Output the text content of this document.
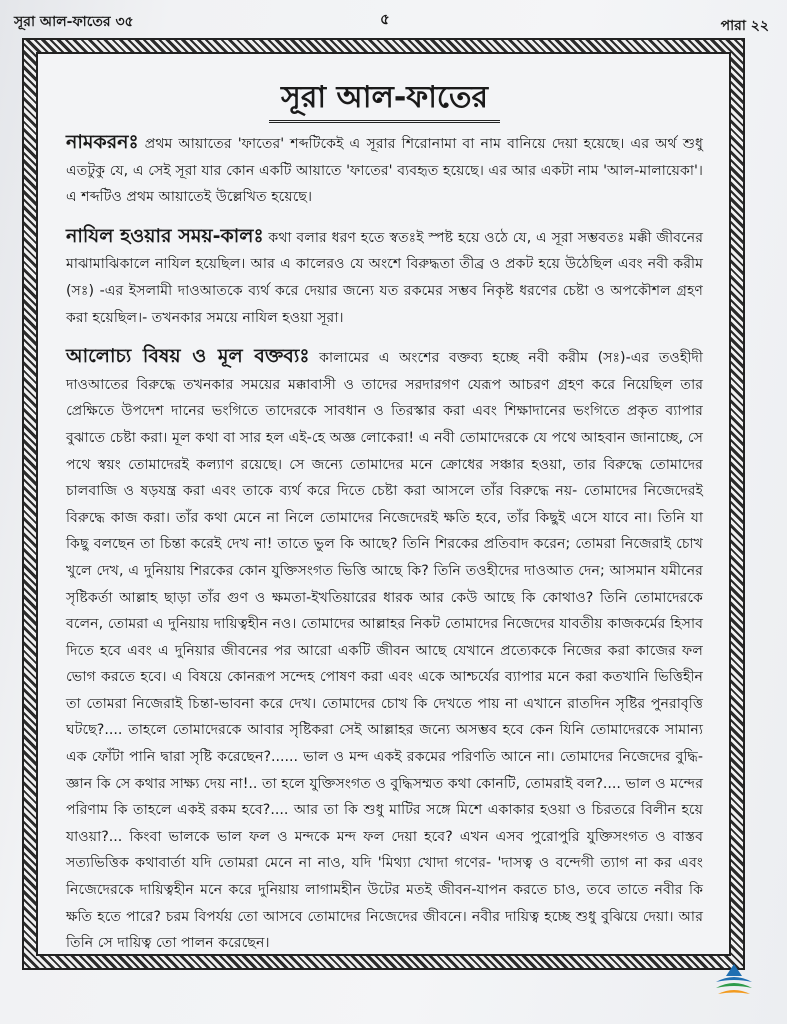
সূরা আল-ফাতের ৩৫	৫	পারা ২২
সূরা আল-ফাতের

নামকরনঃ প্রথম আয়াতের 'ফাতের' শব্দটিকেই এ সূরার শিরোনামা বা নাম বানিয়ে দেয়া হয়েছে। এর অর্থ শুধু এতটুকু যে, এ সেই সূরা যার কোন একটি আয়াতে 'ফাতের' ব্যবহৃত হয়েছে। এর আর একটা নাম 'আল-মালায়েকা'। এ শব্দটিও প্রথম আয়াতেই উল্লেখিত হয়েছে।

নাযিল হওয়ার সময়-কালঃ কথা বলার ধরণ হতে স্বতঃই স্পষ্ট হয়ে ওঠে যে, এ সূরা সম্ভবতঃ মক্কী জীবনের মাঝামাঝিকালে নাযিল হয়েছিল। আর এ কালেরও যে অংশে বিরুদ্ধতা তীব্র ও প্রকট হয়ে উঠেছিল এবং নবী করীম (সঃ) -এর ইসলামী দাওআতকে ব্যর্থ করে দেয়ার জন্যে যত রকমের সম্ভব নিকৃষ্ট ধরণের চেষ্টা ও অপকৌশল গ্রহণ করা হয়েছিল।- তখনকার সময়ে নাযিল হওয়া সূরা।

আলোচ্য বিষয় ও মূল বক্তব্যঃ কালামের এ অংশের বক্তব্য হচ্ছে নবী করীম (সঃ)-এর তওহীদী দাওআতের বিরুদ্ধে তখনকার সময়ের মক্কাবাসী ও তাদের সরদারগণ যেরূপ আচরণ গ্রহণ করে নিয়েছিল তার প্রেক্ষিতে উপদেশ দানের ভংগিতে তাদেরকে সাবধান ও তিরস্কার করা এবং শিক্ষাদানের ভংগিতে প্রকৃত ব্যাপার বুঝাতে চেষ্টা করা। মূল কথা বা সার হল এই-হে অজ্ঞ লোকেরা! এ নবী তোমাদেরকে যে পথে আহবান জানাচ্ছে, সে পথে স্বয়ং তোমাদেরই কল্যাণ রয়েছে। সে জন্যে তোমাদের মনে ক্রোধের সঞ্চার হওয়া, তার বিরুদ্ধে তোমাদের চালবাজি ও ষড়যন্ত্র করা এবং তাকে ব্যর্থ করে দিতে চেষ্টা করা আসলে তাঁর বিরুদ্ধে নয়- তোমাদের নিজেদেরই বিরুদ্ধে কাজ করা। তাঁর কথা মেনে না নিলে তোমাদের নিজেদেরই ক্ষতি হবে, তাঁর কিছুই এসে যাবে না। তিনি যা কিছু বলছেন তা চিন্তা করেই দেখ না! তাতে ভুল কি আছে? তিনি শিরকের প্রতিবাদ করেন; তোমরা নিজেরাই চোখ খুলে দেখ, এ দুনিয়ায় শিরকের কোন যুক্তিসংগত ভিত্তি আছে কি? তিনি তওহীদের দাওআত দেন; আসমান যমীনের সৃষ্টিকর্তা আল্লাহ ছাড়া তাঁর গুণ ও ক্ষমতা-ইখতিয়ারের ধারক আর কেউ আছে কি কোথাও? তিনি তোমাদেরকে বলেন, তোমরা এ দুনিয়ায় দায়িত্বহীন নও। তোমাদের আল্লাহর নিকট তোমাদের নিজেদের যাবতীয় কাজকর্মের হিসাব দিতে হবে এবং এ দুনিয়ার জীবনের পর আরো একটি জীবন আছে যেখানে প্রত্যেককে নিজের করা কাজের ফল ভোগ করতে হবে। এ বিষয়ে কোনরূপ সন্দেহ পোষণ করা এবং একে আশ্চর্যের ব্যাপার মনে করা কতখানি ভিত্তিহীন তা তোমরা নিজেরাই চিন্তা-ভাবনা করে দেখ। তোমাদের চোখ কি দেখতে পায় না এখানে রাতদিন সৃষ্টির পুনরাবৃত্তি ঘটছে?.... তাহলে তোমাদেরকে আবার সৃষ্টিকরা সেই আল্লাহর জন্যে অসম্ভব হবে কেন যিনি তোমাদেরকে সামান্য এক ফোঁটা পানি দ্বারা সৃষ্টি করেছেন?...... ভাল ও মন্দ একই রকমের পরিণতি আনে না। তোমাদের নিজেদের বুদ্ধি-জ্ঞান কি সে কথার সাক্ষ্য দেয় না!.. তা হলে যুক্তিসংগত ও বুদ্ধিসম্মত কথা কোনটি, তোমরাই বল?.... ভাল ও মন্দের পরিণাম কি তাহলে একই রকম হবে?.... আর তা কি শুধু মাটির সঙ্গে মিশে একাকার হওয়া ও চিরতরে বিলীন হয়ে যাওয়া?... কিংবা ভালকে ভাল ফল ও মন্দকে মন্দ ফল দেয়া হবে? এখন এসব পুরোপুরি যুক্তিসংগত ও বাস্তব সত্যভিত্তিক কথাবার্তা যদি তোমরা মেনে না নাও, যদি 'মিথ্যা খোদা গণের- 'দাসত্ব ও বন্দেগী ত্যাগ না কর এবং নিজেদেরকে দায়িত্বহীন মনে করে দুনিয়ায় লাগামহীন উটের মতই জীবন-যাপন করতে চাও, তবে তাতে নবীর কি ক্ষতি হতে পারে? চরম বিপর্যয় তো আসবে তোমাদের নিজেদের জীবনে। নবীর দায়িত্ব হচ্ছে শুধু বুঝিয়ে দেয়া। আর তিনি সে দায়িত্ব তো পালন করেছেন।
